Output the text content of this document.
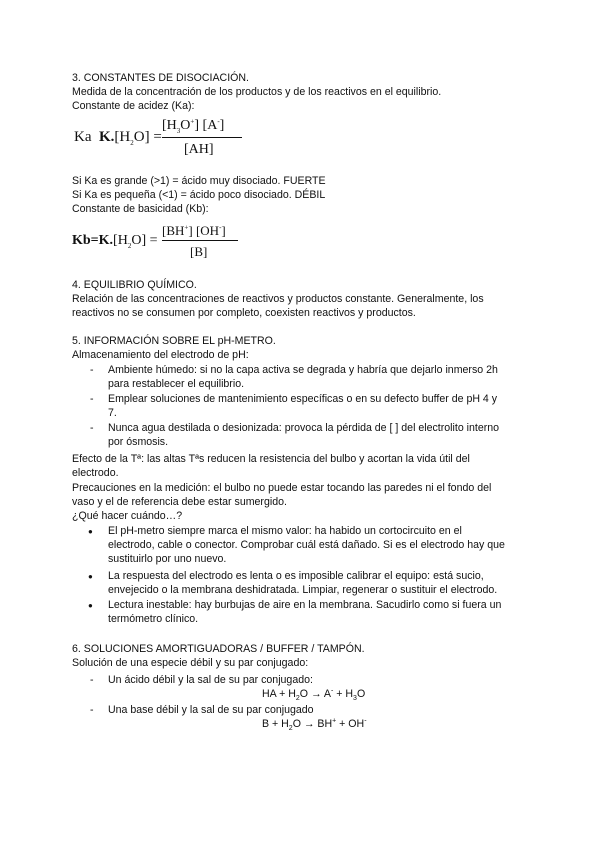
3. CONSTANTES DE DISOCIACIÓN.
Medida de la concentración de los productos y de los reactivos en el equilibrio.
Constante de acidez (Ka):
Ka $K.[H_2O]$ =
$[H_3O^+]$ [A-]
[AH]
Si Ka es grande (>1) = ácido muy disociado. FUERTE
Si Ka es pequeña (<1) = ácido poco disociado. DÉBIL
Constante de basicidad (Kb):
$Kb=K.[H_2O]$ =
[BH+] [OH-]
[B]
4. EQUILIBRIO QUÍMICO.
Relación de las concentraciones de reactivos y productos constante. Generalmente, los
reactivos no se consumen por completo, coexisten reactivos y productos.
5. INFORMACIÓN SOBRE EL pH-METRO.
Almacenamiento del electrodo de pH:
- Ambiente húmedo: si no la capa activa se degrada y habría que dejarlo inmerso 2h
para restablecer el equilibrio.
- Emplear soluciones de mantenimiento específicas o en su defecto buffer de pH 4 y
7.
- Nunca agua destilada o desionizada: provoca la pérdida de [ ] del electrolito interno
por ósmosis.
Efecto de la Tª: las altas Tªs reducen la resistencia del bulbo y acortan la vida útil del
electrodo.
Precauciones en la medición: el bulbo no puede estar tocando las paredes ni el fondo del
vaso y el de referencia debe estar sumergido.
¿Qué hacer cuándo…?
● El pH-metro siempre marca el mismo valor: ha habido un cortocircuito en el
electrodo, cable o conector. Comprobar cuál está dañado. Si es el electrodo hay que
sustituirlo por uno nuevo.
● La respuesta del electrodo es lenta o es imposible calibrar el equipo: está sucio,
envejecido o la membrana deshidratada. Limpiar, regenerar o sustituir el electrodo.
● Lectura inestable: hay burbujas de aire en la membrana. Sacudirlo como si fuera un
termómetro clínico.
6. SOLUCIONES AMORTIGUADORAS / BUFFER / TAMPÓN.
Solución de una especie débil y su par conjugado:
- Un ácido débil y la sal de su par conjugado:
HA + $H_2O \to A^- + H_3O$
- Una base débil y la sal de su par conjugado
$B + H_2O \to BH^+ + OH^-$
